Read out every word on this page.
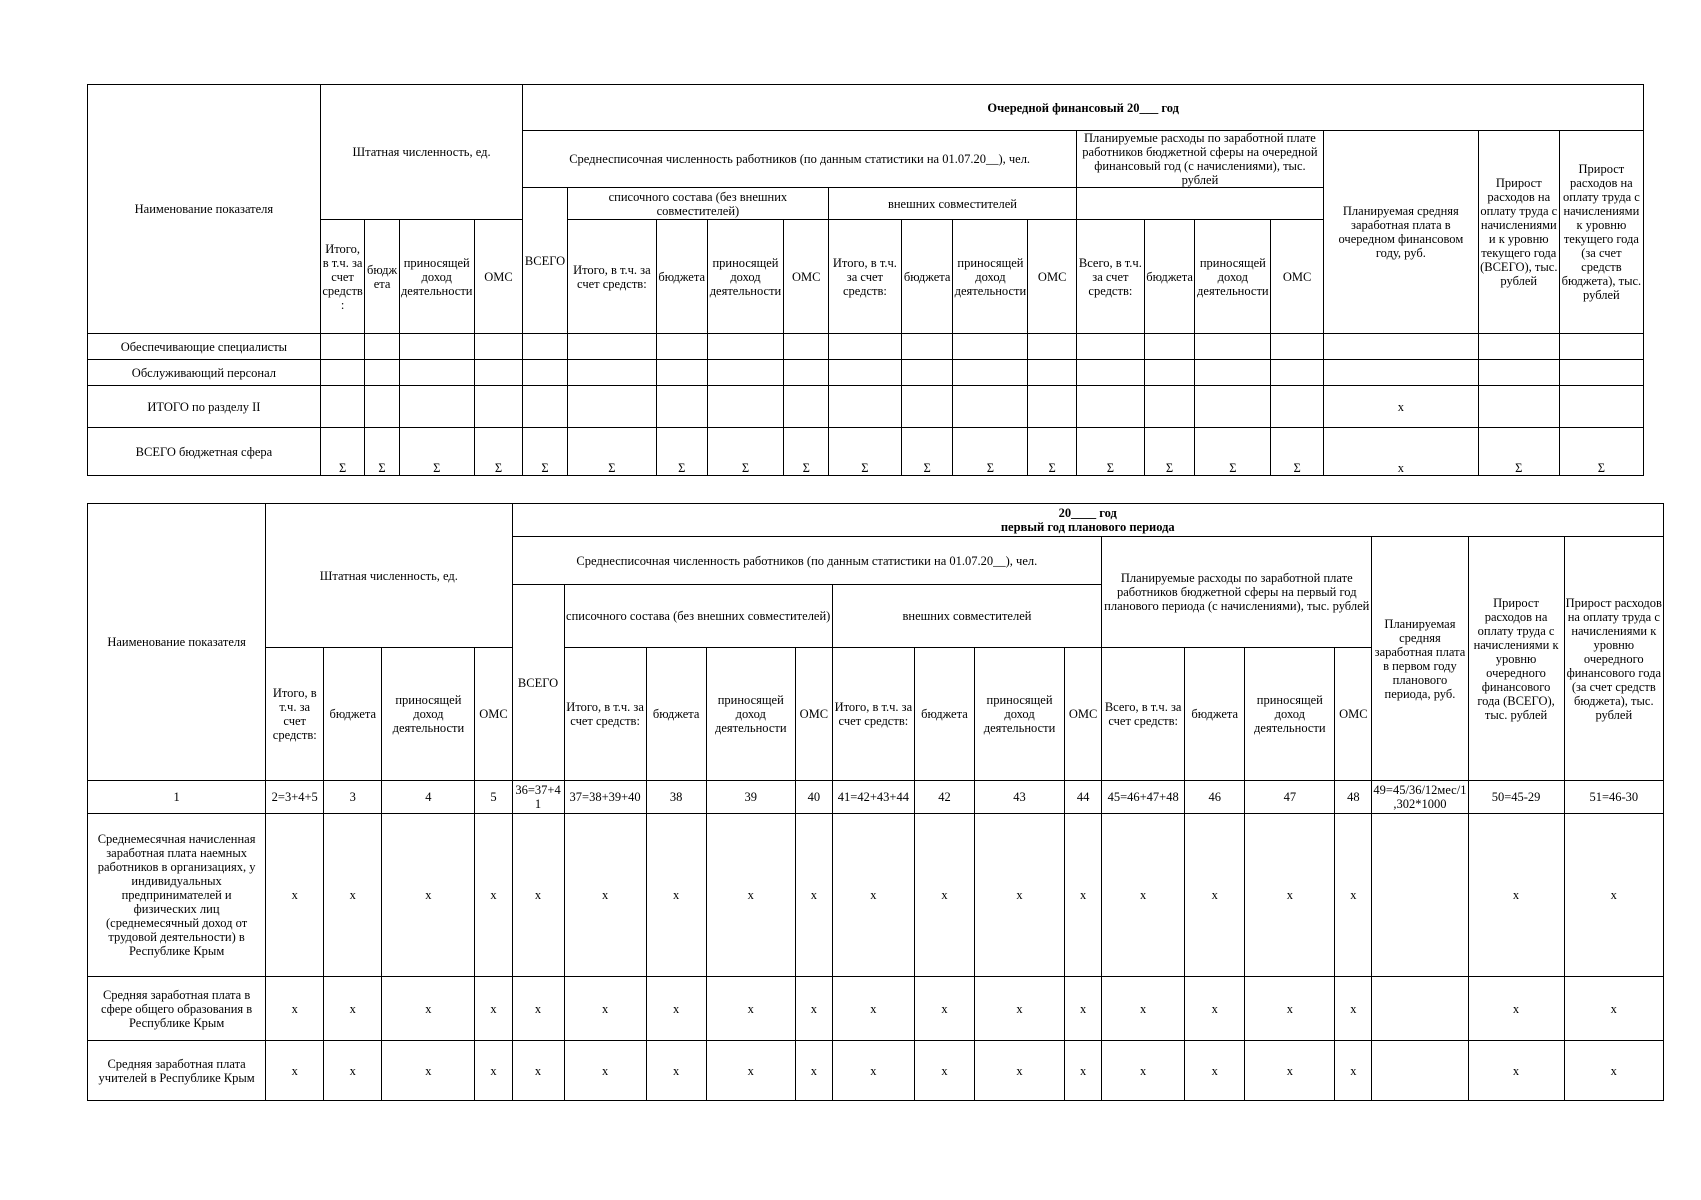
Наименование показателя	Штатная численность, ед.				Очередной финансовый 20___ год															
					Среднесписочная численность работников (по данным статистики на 01.07.20__), чел.									Планируемые расходы по заработной плате работников бюджетной сферы на очередной финансовый год (с начислениями), тыс. рублей				Планируемая средняя заработная плата в очередном финансовом году, руб.	Прирост расходов на оплату труда с начислениями и к уровню текущего года (ВСЕГО), тыс. рублей	Прирост расходов на оплату труда с начислениями к уровню текущего года (за счет средств бюджета), тыс. рублей
					ВСЕГО	списочного состава (без внешних совместителей)				внешних совместителей										
	Итого, в т.ч. за счет средств:	бюджета	приносящей доход деятельности	ОМС		Итого, в т.ч. за счет средств:	бюджета	приносящей доход деятельности	ОМС	Итого, в т.ч. за счет средств:	бюджета	приносящей доход деятельности	ОМС	Всего, в т.ч. за счет средств:	бюджета	приносящей доход деятельности	ОМС			
Обеспечивающие специалисты																				
Обслуживающий персонал																				
ИТОГО по разделу II																		х		
ВСЕГО бюджетная сфера	Σ	Σ	Σ	Σ	Σ	Σ	Σ	Σ	Σ	Σ	Σ	Σ	Σ	Σ	Σ	Σ	Σ	х	Σ	Σ
Наименование показателя	Штатная численность, ед.				20____ год
первый год планового периода															
					Среднесписочная численность работников (по данным статистики на 01.07.20__), чел.									Планируемые расходы по заработной плате работников бюджетной сферы на первый год планового периода (с начислениями), тыс. рублей				Планируемая средняя заработная плата в первом году планового периода, руб.	Прирост расходов на оплату труда с начислениями к уровню очередного финансового года (ВСЕГО), тыс. рублей	Прирост расходов на оплату труда с начислениями к уровню очередного финансового года (за счет средств бюджета), тыс. рублей
					ВСЕГО	списочного состава (без внешних совместителей)				внешних совместителей										
	Итого, в т.ч. за счет средств:	бюджета	приносящей доход деятельности	ОМС		Итого, в т.ч. за счет средств:	бюджета	приносящей доход деятельности	ОМС	Итого, в т.ч. за счет средств:	бюджета	приносящей доход деятельности	ОМС	Всего, в т.ч. за счет средств:	бюджета	приносящей доход деятельности	ОМС			
1	2=3+4+5	3	4	5	36=37+41	37=38+39+40	38	39	40	41=42+43+44	42	43	44	45=46+47+48	46	47	48	49=45/36/12мес/1,302*1000	50=45-29	51=46-30
Среднемесячная начисленная заработная плата наемных работников в организациях, у индивидуальных предпринимателей и физических лиц (среднемесячный доход от трудовой деятельности) в Республике Крым	х	х	х	х	х	х	х	х	х	х	х	х	х	х	х	х	х		х	х
Средняя заработная плата в сфере общего образования в Республике Крым	х	х	х	х	х	х	х	х	х	х	х	х	х	х	х	х	х		х	х
Средняя заработная плата учителей в Республике Крым	х	х	х	х	х	х	х	х	х	х	х	х	х	х	х	х	х		х	х
